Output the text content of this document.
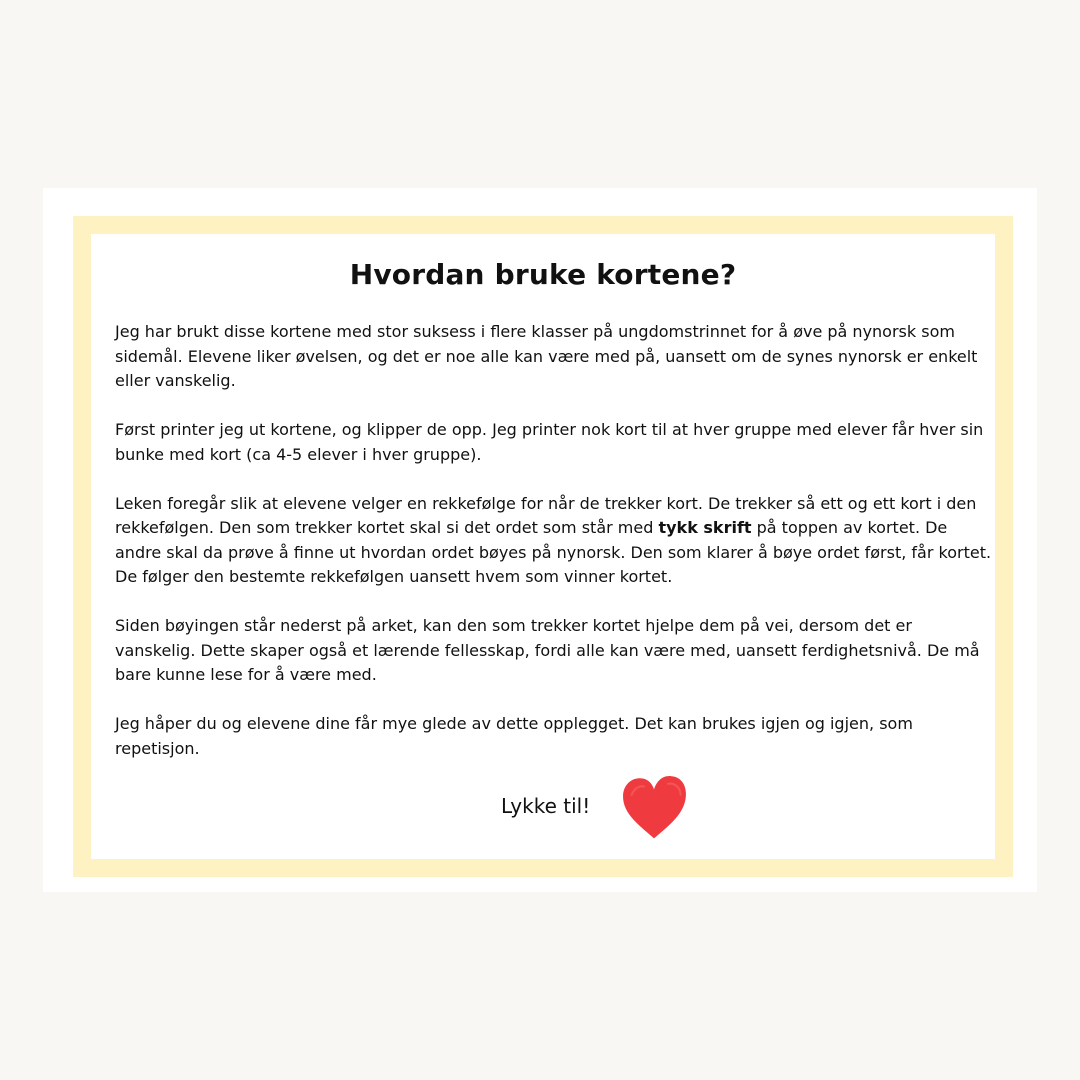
Hvordan bruke kortene?

Jeg har brukt disse kortene med stor suksess i flere klasser på ungdomstrinnet for å øve på nynorsk som sidemål. Elevene liker øvelsen, og det er noe alle kan være med på, uansett om de synes nynorsk er enkelt eller vanskelig.

Først printer jeg ut kortene, og klipper de opp. Jeg printer nok kort til at hver gruppe med elever får hver sin bunke med kort (ca 4-5 elever i hver gruppe).

Leken foregår slik at elevene velger en rekkefølge for når de trekker kort. De trekker så ett og ett kort i den rekkefølgen. Den som trekker kortet skal si det ordet som står med tykk skrift på toppen av kortet. De andre skal da prøve å finne ut hvordan ordet bøyes på nynorsk. Den som klarer å bøye ordet først, får kortet. De følger den bestemte rekkefølgen uansett hvem som vinner kortet.

Siden bøyingen står nederst på arket, kan den som trekker kortet hjelpe dem på vei, dersom det er vanskelig. Dette skaper også et lærende fellesskap, fordi alle kan være med, uansett ferdighetsnivå. De må bare kunne lese for å være med.

Jeg håper du og elevene dine får mye glede av dette opplegget. Det kan brukes igjen og igjen, som repetisjon.

Lykke til!
